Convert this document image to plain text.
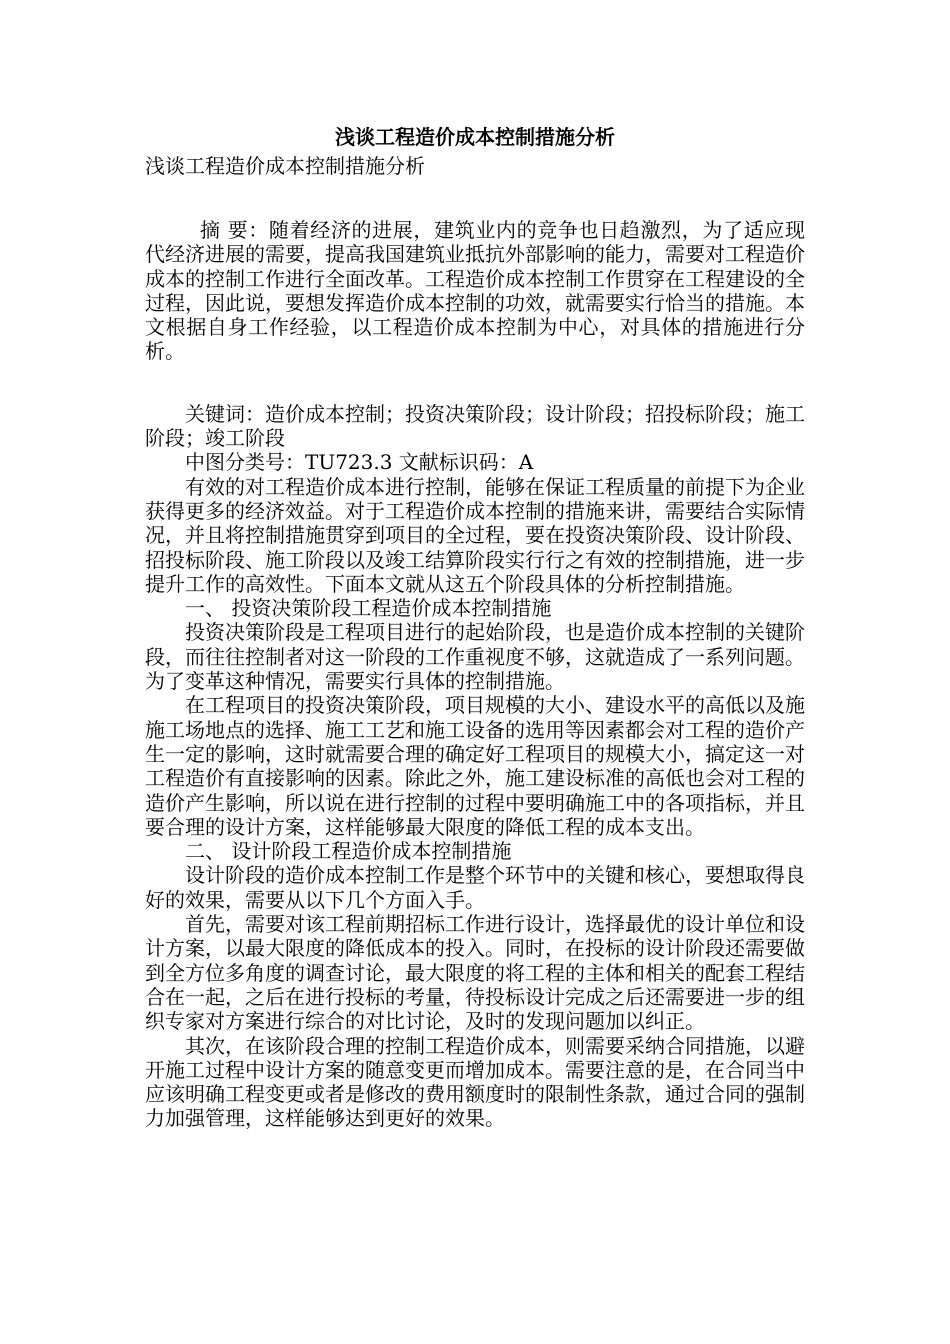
浅谈工程造价成本控制措施分析

浅谈工程造价成本控制措施分析

摘 要：随着经济的进展，建筑业内的竞争也日趋激烈，为了适应现代经济进展的需要，提高我国建筑业抵抗外部影响的能力，需要对工程造价成本的控制工作进行全面改革。工程造价成本控制工作贯穿在工程建设的全过程，因此说，要想发挥造价成本控制的功效，就需要实行恰当的措施。本文根据自身工作经验，以工程造价成本控制为中心，对具体的措施进行分析。

关键词：造价成本控制；投资决策阶段；设计阶段；招投标阶段；施工阶段；竣工阶段

中图分类号：TU723.3 文献标识码：A

有效的对工程造价成本进行控制，能够在保证工程质量的前提下为企业获得更多的经济效益。对于工程造价成本控制的措施来讲，需要结合实际情况，并且将控制措施贯穿到项目的全过程，要在投资决策阶段、设计阶段、招投标阶段、施工阶段以及竣工结算阶段实行行之有效的控制措施，进一步提升工作的高效性。下面本文就从这五个阶段具体的分析控制措施。

一、 投资决策阶段工程造价成本控制措施

投资决策阶段是工程项目进行的起始阶段，也是造价成本控制的关键阶段，而往往控制者对这一阶段的工作重视度不够，这就造成了一系列问题。为了变革这种情况，需要实行具体的控制措施。

在工程项目的投资决策阶段，项目规模的大小、建设水平的高低以及施施工场地点的选择、施工工艺和施工设备的选用等因素都会对工程的造价产生一定的影响，这时就需要合理的确定好工程项目的规模大小，搞定这一对工程造价有直接影响的因素。除此之外，施工建设标准的高低也会对工程的造价产生影响，所以说在进行控制的过程中要明确施工中的各项指标，并且要合理的设计方案，这样能够最大限度的降低工程的成本支出。

二、 设计阶段工程造价成本控制措施

设计阶段的造价成本控制工作是整个环节中的关键和核心，要想取得良好的效果，需要从以下几个方面入手。

首先，需要对该工程前期招标工作进行设计，选择最优的设计单位和设计方案，以最大限度的降低成本的投入。同时，在投标的设计阶段还需要做到全方位多角度的调查讨论，最大限度的将工程的主体和相关的配套工程结合在一起，之后在进行投标的考量，待投标设计完成之后还需要进一步的组织专家对方案进行综合的对比讨论，及时的发现问题加以纠正。

其次，在该阶段合理的控制工程造价成本，则需要采纳合同措施，以避开施工过程中设计方案的随意变更而增加成本。需要注意的是，在合同当中应该明确工程变更或者是修改的费用额度时的限制性条款，通过合同的强制力加强管理，这样能够达到更好的效果。
